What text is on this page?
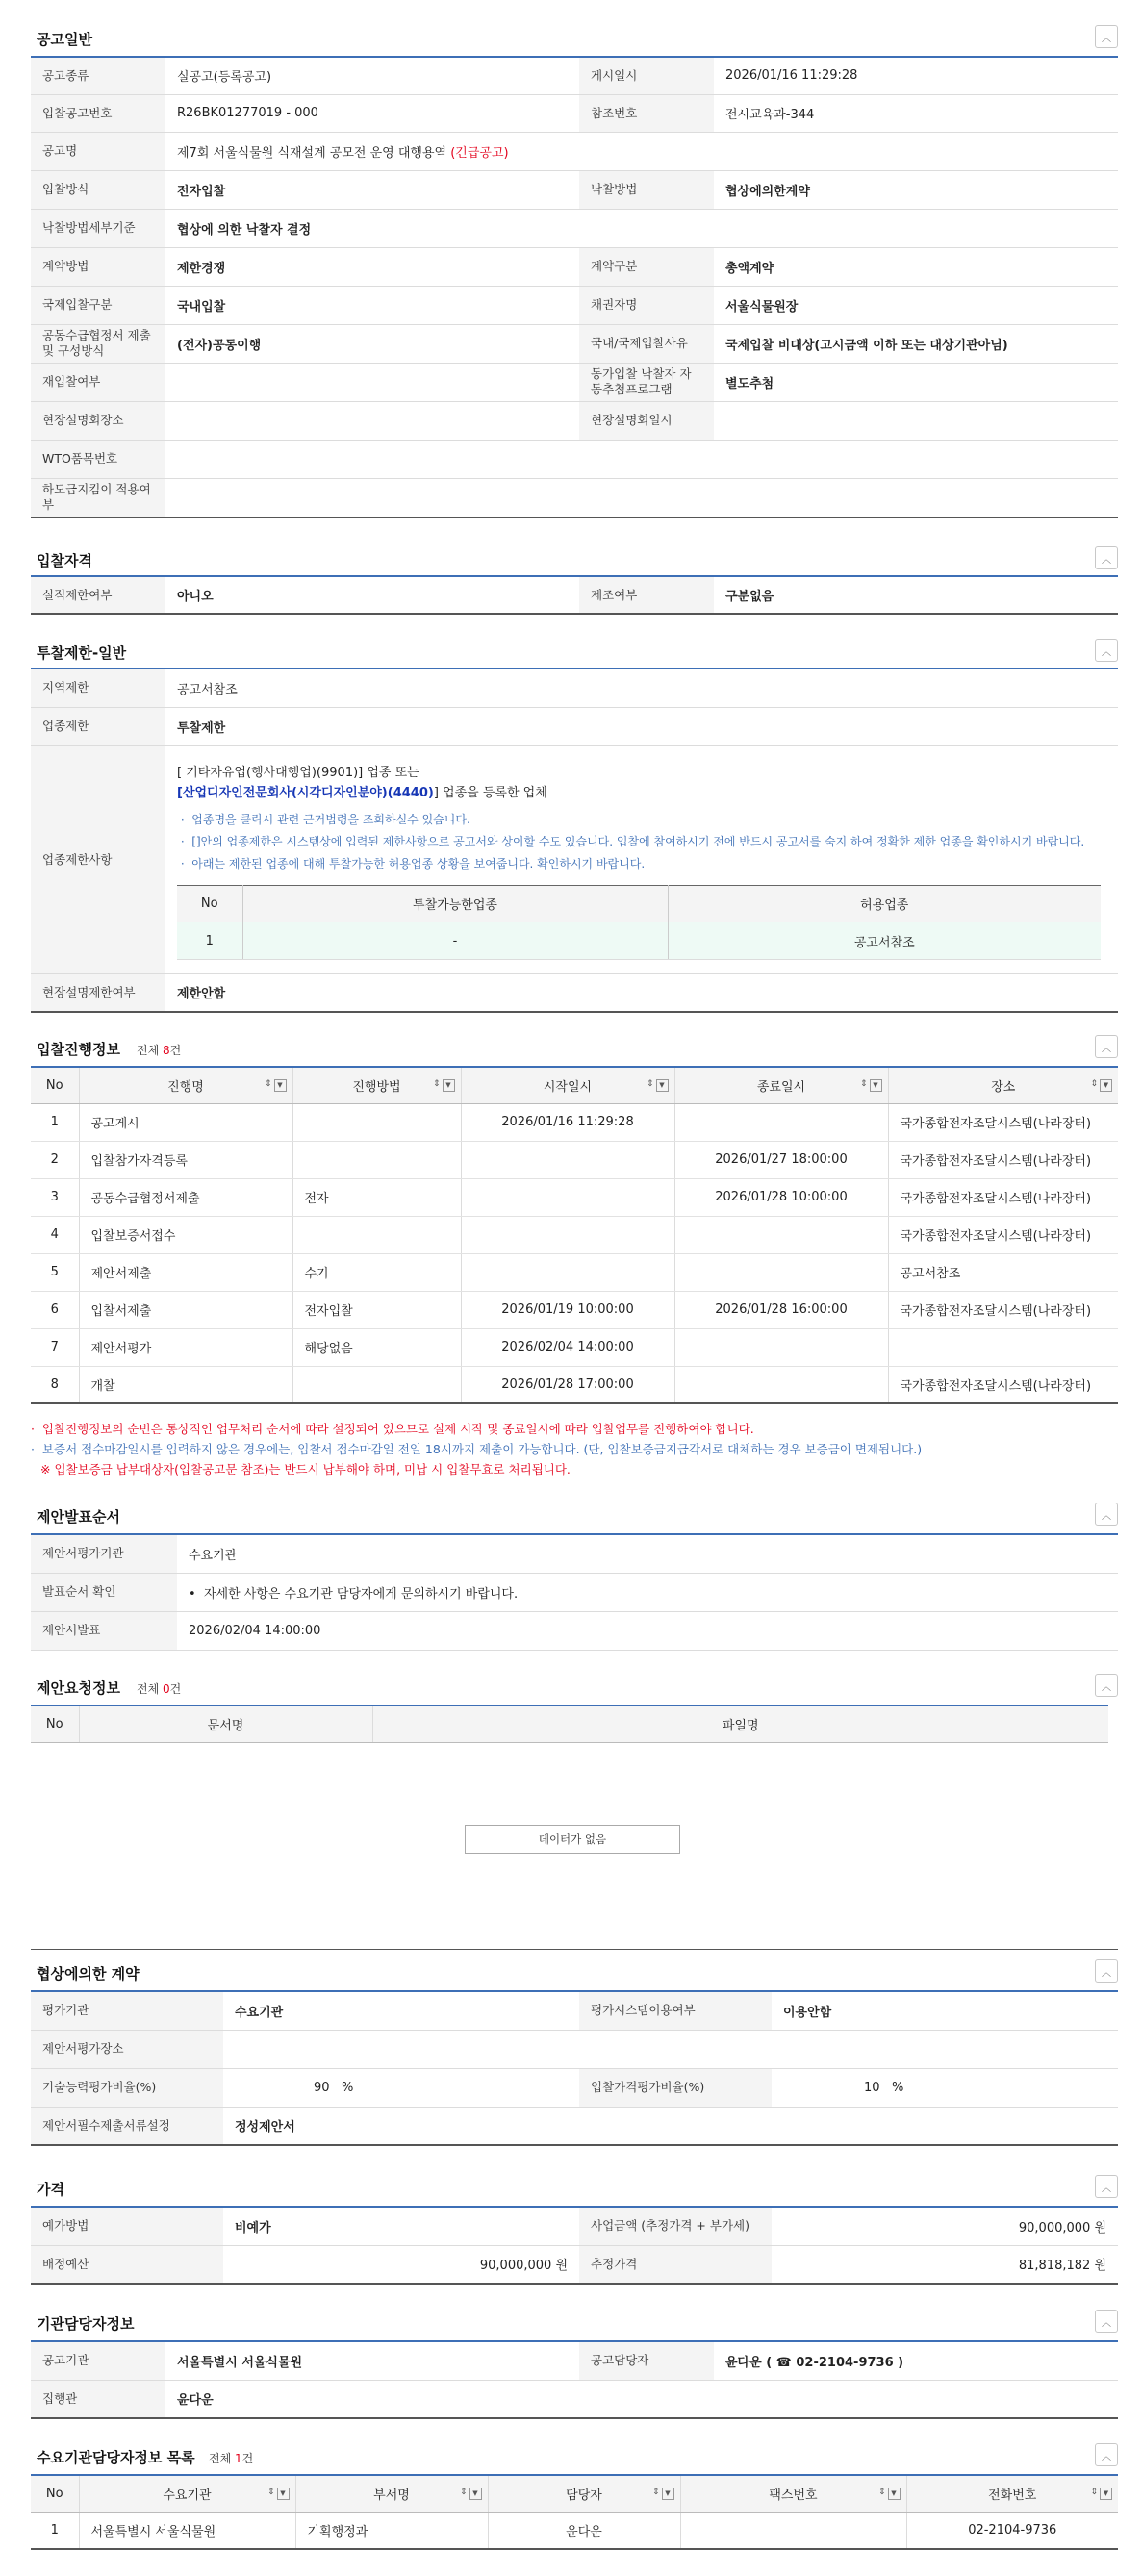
공고일반	︿
공고종류	실공고(등록공고)	게시일시	2026/01/16 11:29:28
입찰공고번호	R26BK01277019 - 000	참조번호	전시교육과-344
공고명	제7회 서울식물원 식재설계 공모전 운영 대행용역 (긴급공고)		
입찰방식	전자입찰	낙찰방법	협상에의한계약
낙찰방법세부기준	협상에 의한 낙찰자 결정		
계약방법	제한경쟁	계약구분	총액계약
국제입찰구분	국내입찰	채권자명	서울식물원장
공동수급협정서 제출 및 구성방식	(전자)공동이행	국내/국제입찰사유	국제입찰 비대상(고시금액 이하 또는 대상기관아님)
재입찰여부		동가입찰 낙찰자 자동추첨프로그램	별도추첨
현장설명회장소		현장설명회일시	
WTO품목번호			
하도급지킴이 적용여부			
입찰자격	︿
실적제한여부	아니오	제조여부	구분없음
투찰제한-일반	︿
지역제한	공고서참조
업종제한	투찰제한
업종제한사항	
[ 기타자유업(행사대행업)(9901)] 업종 또는
[산업디자인전문회사(시각디자인분야)(4440)] 업종을 등록한 업체
·  업종명을 클릭시 관련 근거법령을 조회하실수 있습니다.
·  []안의 업종제한은 시스템상에 입력된 제한사항으로 공고서와 상이할 수도 있습니다. 입찰에 참여하시기 전에 반드시 공고서를 숙지 하여 정확한 제한 업종을 확인하시기 바랍니다.
·  아래는 제한된 업종에 대해 투찰가능한 허용업종 상황을 보여줍니다. 확인하시기 바랍니다.
No	투찰가능한업종	허용업종
1	-	공고서참조

현장설명제한여부	제한안함
입찰진행정보 전체 8건	︿
No	진행명 ⇕ ▼	진행방법 ⇕ ▼	시작일시 ⇕ ▼	종료일시 ⇕ ▼	장소 ⇕ ▼

1	공고게시		2026/01/16 11:29:28		국가종합전자조달시스템(나라장터)
2	입찰참가자격등록			2026/01/27 18:00:00	국가종합전자조달시스템(나라장터)
3	공동수급협정서제출	전자		2026/01/28 10:00:00	국가종합전자조달시스템(나라장터)
4	입찰보증서접수				국가종합전자조달시스템(나라장터)
5	제안서제출	수기			공고서참조
6	입찰서제출	전자입찰	2026/01/19 10:00:00	2026/01/28 16:00:00	국가종합전자조달시스템(나라장터)
7	제안서평가	해당없음	2026/02/04 14:00:00		
8	개찰		2026/01/28 17:00:00		국가종합전자조달시스템(나라장터)
·  입찰진행정보의 순번은 통상적인 업무처리 순서에 따라 설정되어 있으므로 실제 시작 및 종료일시에 따라 입찰업무를 진행하여야 합니다.
·  보증서 접수마감일시를 입력하지 않은 경우에는, 입찰서 접수마감일 전일 18시까지 제출이 가능합니다. (단, 입찰보증금지급각서로 대체하는 경우 보증금이 면제됩니다.)
※ 입찰보증금 납부대상자(입찰공고문 참조)는 반드시 납부해야 하며, 미납 시 입찰무효로 처리됩니다.
제안발표순서	︿
제안서평가기관	수요기관
발표순서 확인	•  자세한 사항은 수요기관 담당자에게 문의하시기 바랍니다.
제안서발표	2026/02/04 14:00:00
제안요청정보 전체 0건	︿
No	문서명	파일명
데이터가 없음
협상에의한 계약	︿
평가기관	수요기관	평가시스템이용여부	이용안함
제안서평가장소			
기술능력평가비율(%)	90 %	입찰가격평가비율(%)	10 %
제안서필수제출서류설정	정성제안서		
가격	︿
예가방법	비예가	사업금액 (추정가격 + 부가세)	90,000,000 원
배정예산	90,000,000 원	추정가격	81,818,182 원
기관담당자정보	︿
공고기관	서울특별시 서울식물원	공고담당자	윤다운 ( ☎ 02-2104-9736 )
집행관	윤다운		
수요기관담당자정보 목록 전체 1건	︿
No	수요기관 ⇕ ▼	부서명 ⇕ ▼	담당자 ⇕ ▼	팩스번호 ⇕ ▼	전화번호 ⇕ ▼

1	서울특별시 서울식물원	기획행정과	윤다운		02-2104-9736
